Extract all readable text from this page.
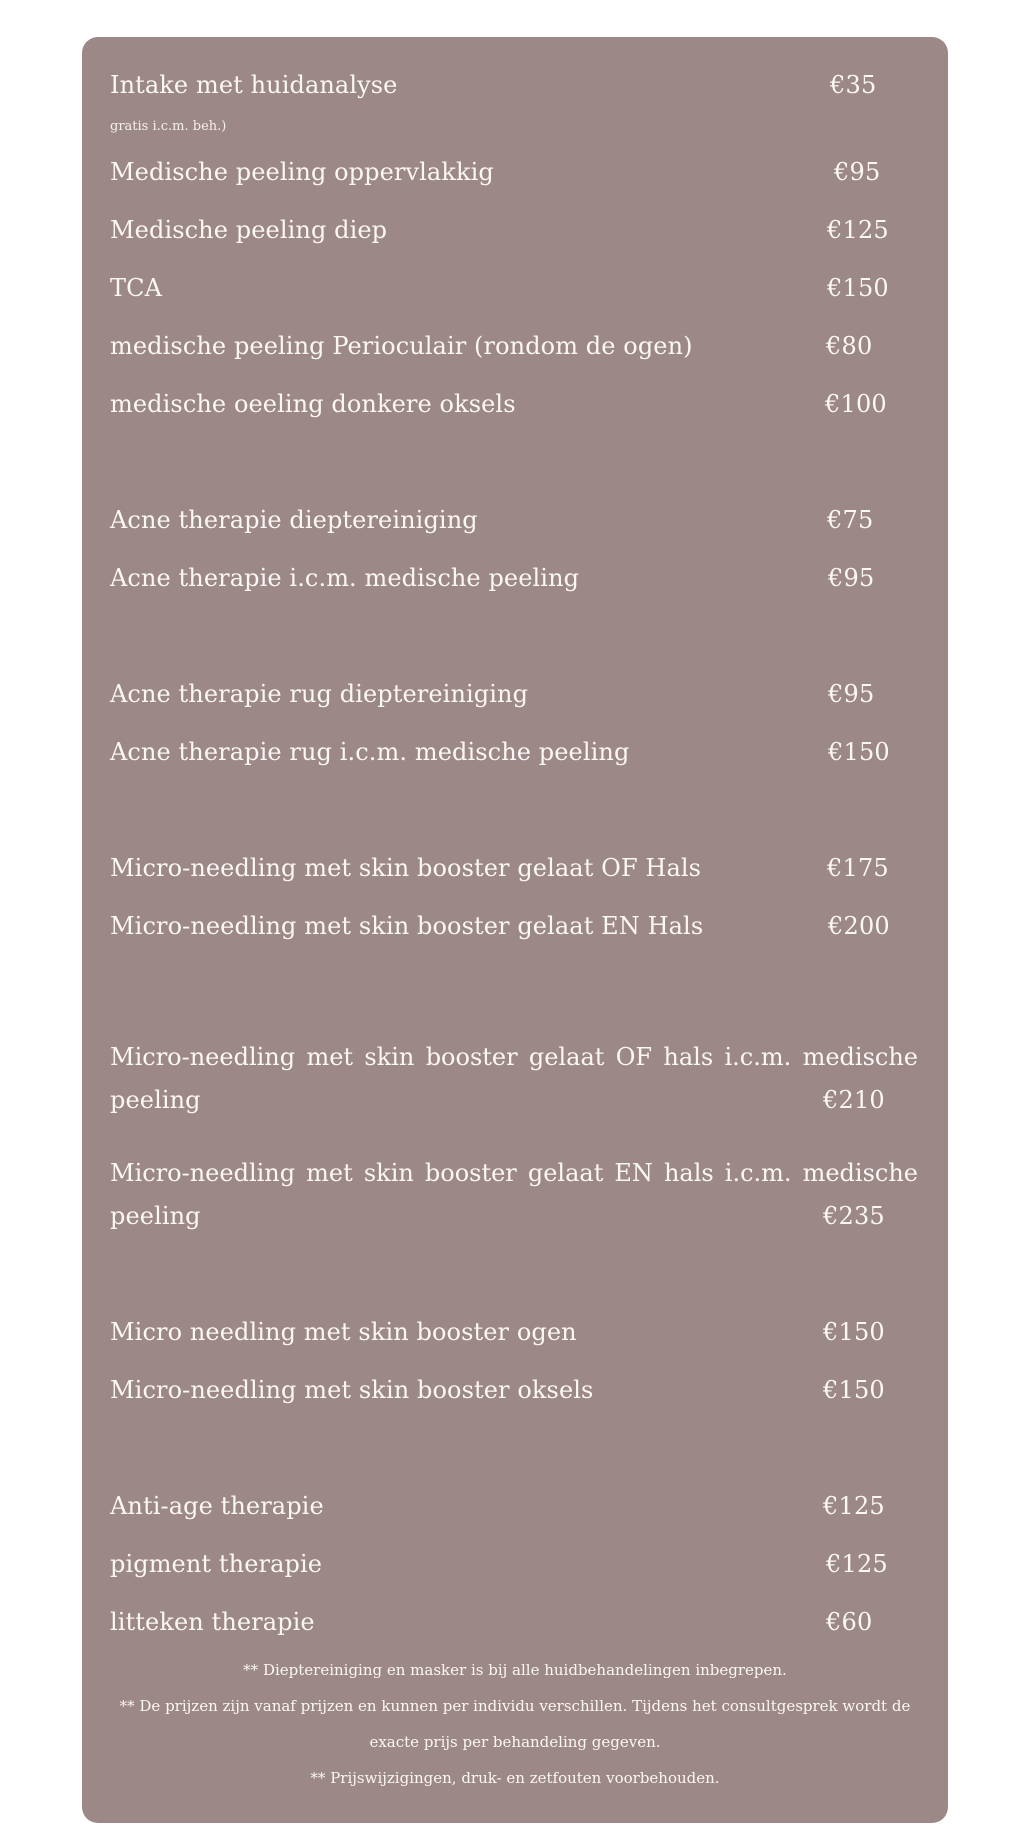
Intake met huidanalyse	€35
gratis i.c.m. beh.)
Medische peeling oppervlakkig	€95
Medische peeling diep	€125
TCA	€150
medische peeling Perioculair (rondom de ogen)	€80
medische oeeling donkere oksels	€100
Acne therapie dieptereiniging	€75
Acne therapie i.c.m. medische peeling	€95
Acne therapie rug dieptereiniging	€95
Acne therapie rug i.c.m. medische peeling	€150
Micro-needling met skin booster gelaat OF Hals	€175
Micro-needling met skin booster gelaat EN Hals	€200
Micro-needling met skin booster gelaat OF hals i.c.m. medische
peeling	€210
Micro-needling met skin booster gelaat EN hals i.c.m. medische
peeling	€235
Micro needling met skin booster ogen	€150
Micro-needling met skin booster oksels	€150
Anti-age therapie	€125
pigment therapie	€125
litteken therapie	€60
** Dieptereiniging en masker is bij alle huidbehandelingen inbegrepen.
** De prijzen zijn vanaf prijzen en kunnen per individu verschillen. Tijdens het consultgesprek wordt de
exacte prijs per behandeling gegeven.
** Prijswijzigingen, druk- en zetfouten voorbehouden.
